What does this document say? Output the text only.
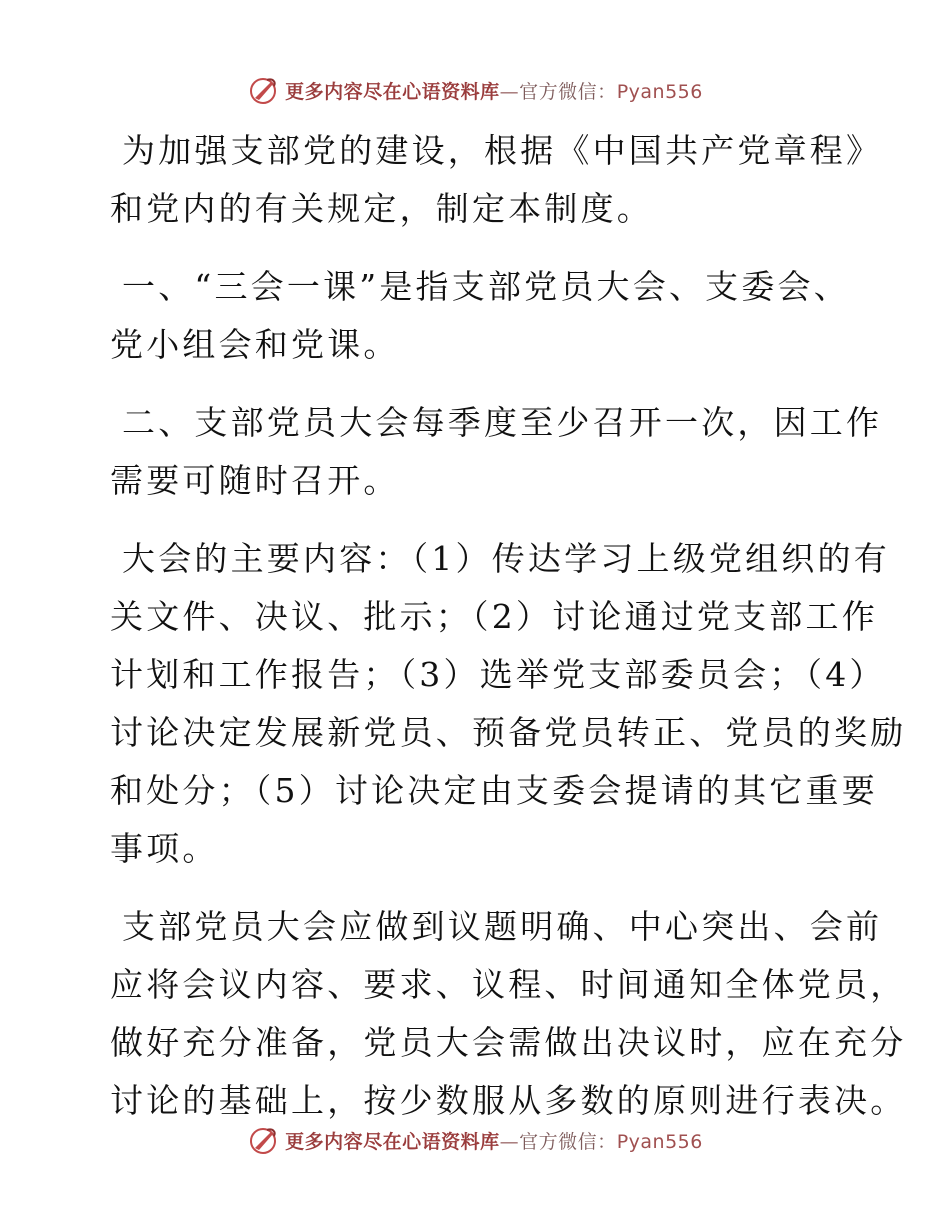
更多内容尽在心语资料库—官方微信：Pyan556
为加强支部党的建设，根据《中国共产党章程》
和党内的有关规定，制定本制度。
一、“三会一课”是指支部党员大会、支委会、
党小组会和党课。
二、支部党员大会每季度至少召开一次，因工作
需要可随时召开。
大会的主要内容：（1）传达学习上级党组织的有
关文件、决议、批示；（2）讨论通过党支部工作
计划和工作报告；（3）选举党支部委员会；（4）
讨论决定发展新党员、预备党员转正、党员的奖励
和处分；（5）讨论决定由支委会提请的其它重要
事项。
支部党员大会应做到议题明确、中心突出、会前
应将会议内容、要求、议程、时间通知全体党员，
做好充分准备，党员大会需做出决议时，应在充分
讨论的基础上，按少数服从多数的原则进行表决。
更多内容尽在心语资料库—官方微信：Pyan556
